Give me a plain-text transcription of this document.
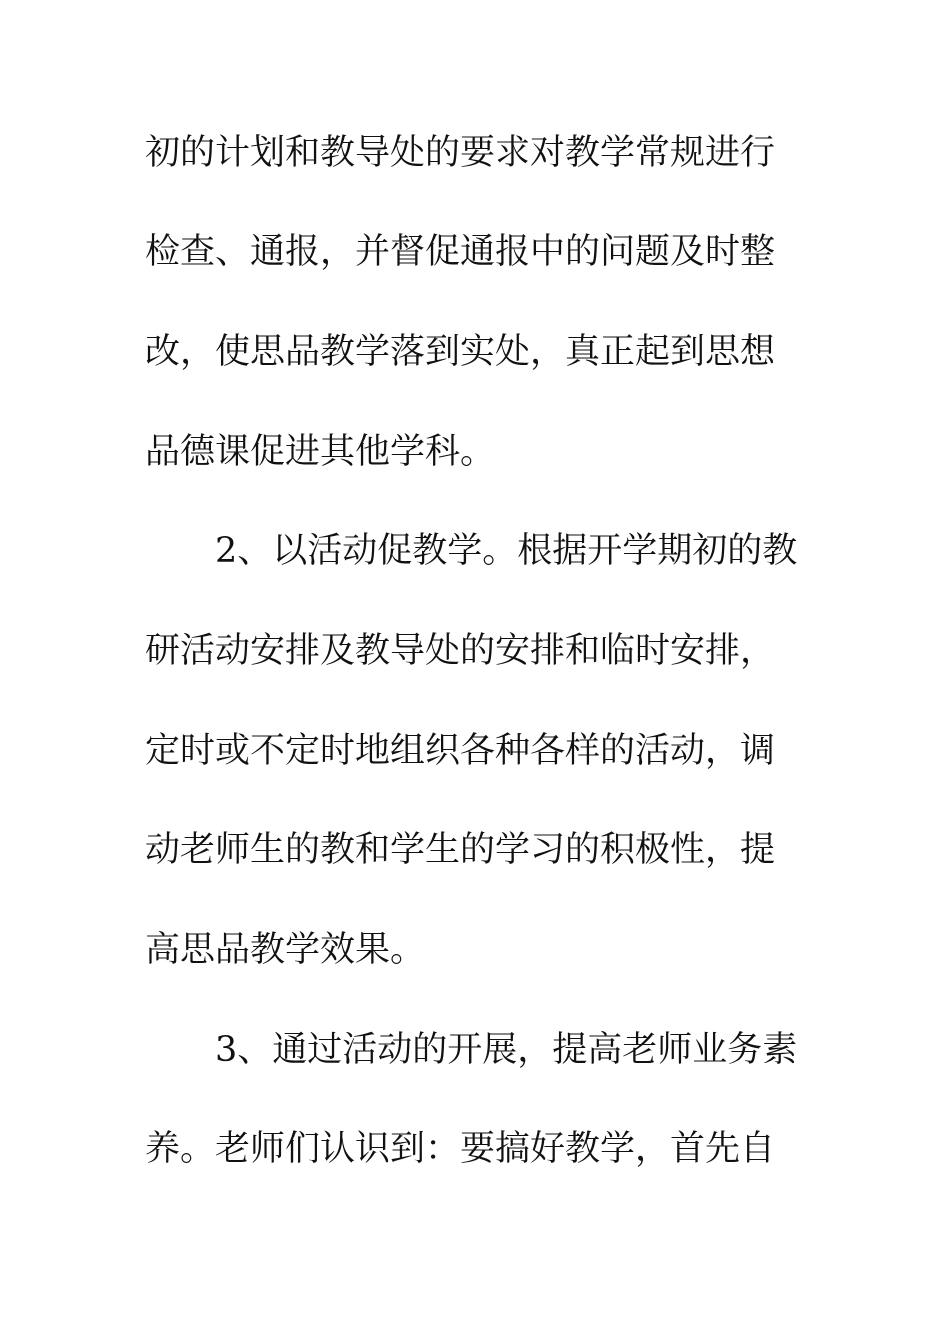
初的计划和教导处的要求对教学常规进行
检查、通报，并督促通报中的问题及时整
改，使思品教学落到实处，真正起到思想
品德课促进其他学科。
2、以活动促教学。根据开学期初的教
研活动安排及教导处的安排和临时安排，
定时或不定时地组织各种各样的活动，调
动老师生的教和学生的学习的积极性，提
高思品教学效果。
3、通过活动的开展，提高老师业务素
养。老师们认识到：要搞好教学，首先自
